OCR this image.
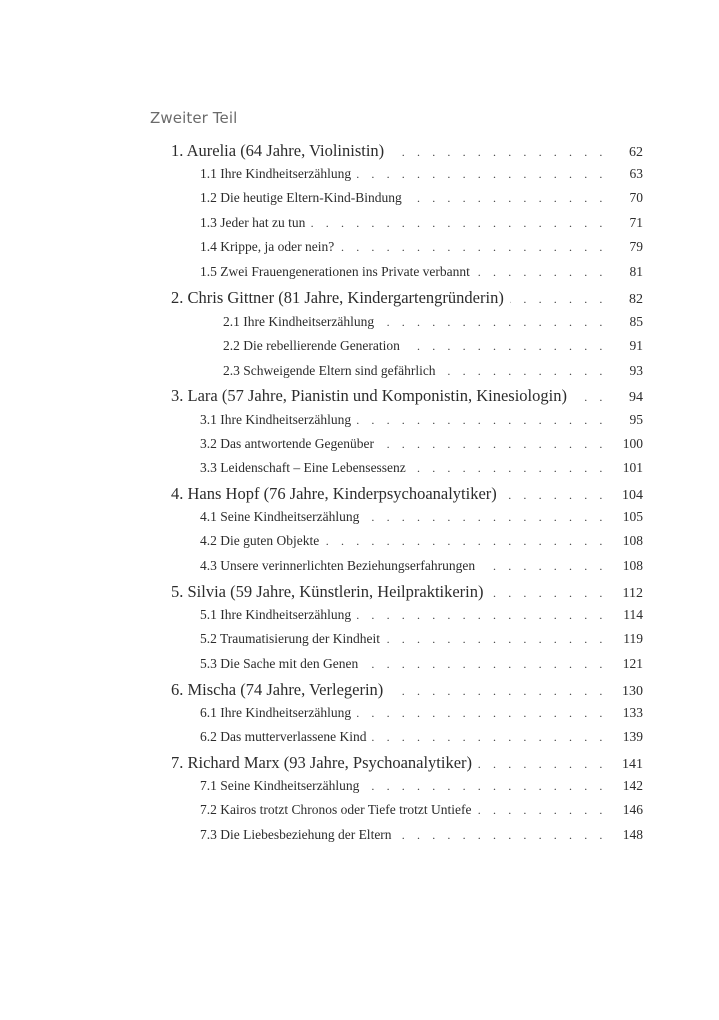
Zweiter Teil
1. Aurelia (64 Jahre, Violinistin) . . .	62
1.1 Ihre Kindheitserzählung . . .	63
1.2 Die heutige Eltern-Kind-Bindung . . .	70
1.3 Jeder hat zu tun . . .	71
1.4 Krippe, ja oder nein? . . .	79
1.5 Zwei Frauengenerationen ins Private verbannt . . .	81
2. Chris Gittner (81 Jahre, Kindergartengründerin) . . .	82
2.1 Ihre Kindheitserzählung . . .	85
2.2 Die rebellierende Generation . . .	91
2.3 Schweigende Eltern sind gefährlich . . .	93
3. Lara (57 Jahre, Pianistin und Komponistin, Kinesiologin) . . .	94
3.1 Ihre Kindheitserzählung . . .	95
3.2 Das antwortende Gegenüber . . .	100
3.3 Leidenschaft – Eine Lebensessenz . . .	101
4. Hans Hopf (76 Jahre, Kinderpsychoanalytiker) . . .	104
4.1 Seine Kindheitserzählung . . .	105
4.2 Die guten Objekte . . .	108
4.3 Unsere verinnerlichten Beziehungserfahrungen . . .	108
5. Silvia (59 Jahre, Künstlerin, Heilpraktikerin) . . .	112
5.1 Ihre Kindheitserzählung . . .	114
5.2 Traumatisierung der Kindheit . . .	119
5.3 Die Sache mit den Genen . . .	121
6. Mischa (74 Jahre, Verlegerin) . . .	130
6.1 Ihre Kindheitserzählung . . .	133
6.2 Das mutterverlassene Kind . . .	139
7. Richard Marx (93 Jahre, Psychoanalytiker) . . .	141
7.1 Seine Kindheitserzählung . . .	142
7.2 Kairos trotzt Chronos oder Tiefe trotzt Untiefe . . .	146
7.3 Die Liebesbeziehung der Eltern . . .	148
